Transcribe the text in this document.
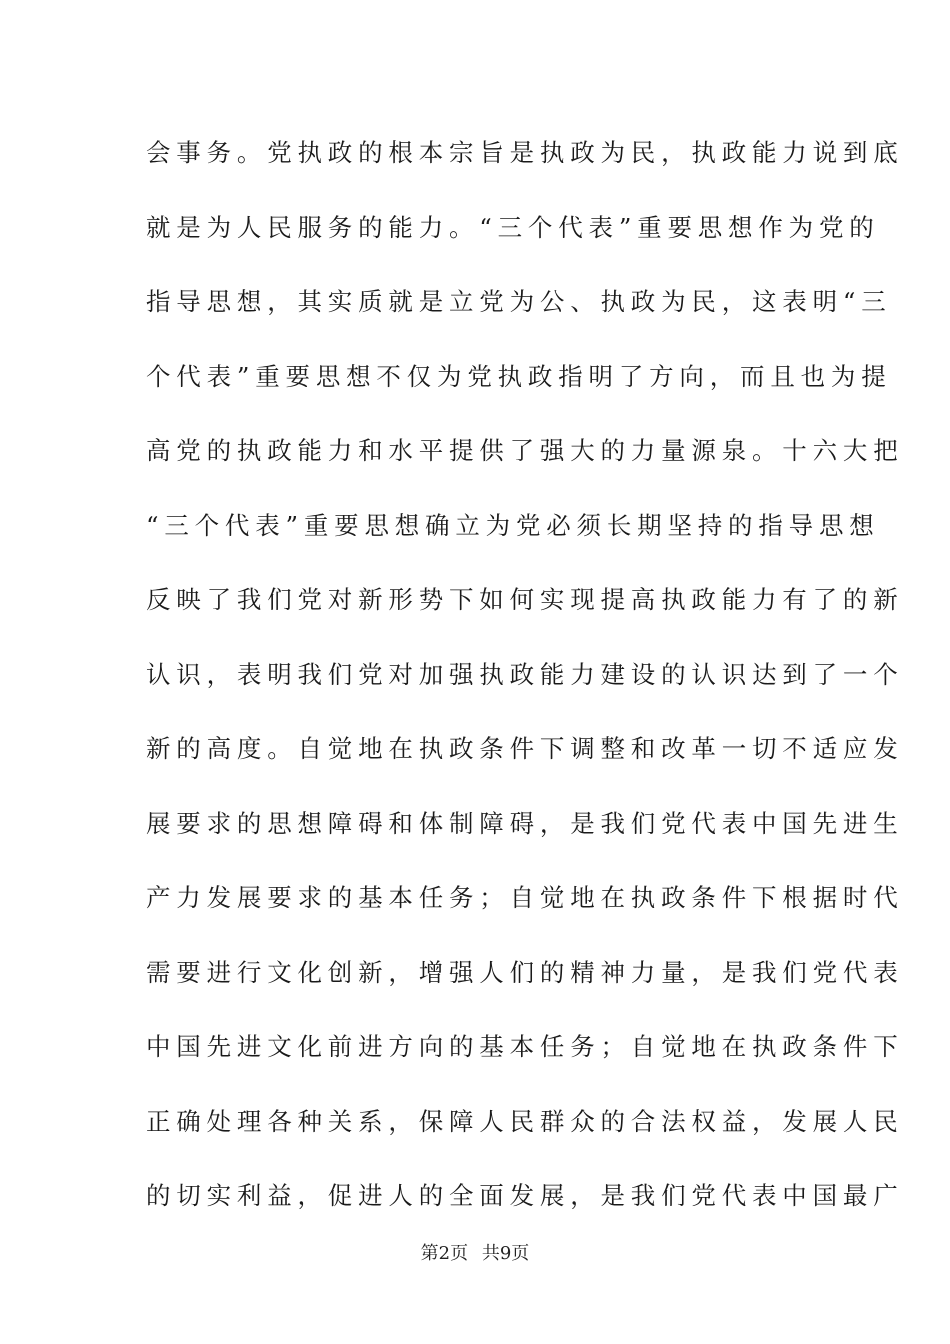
会事务。党执政的根本宗旨是执政为民，执政能力说到底
就是为人民服务的能力。“三个代表”重要思想作为党的
指导思想，其实质就是立党为公、执政为民，这表明“三
个代表”重要思想不仅为党执政指明了方向，而且也为提
高党的执政能力和水平提供了强大的力量源泉。十六大把
“三个代表”重要思想确立为党必须长期坚持的指导思想
反映了我们党对新形势下如何实现提高执政能力有了的新
认识，表明我们党对加强执政能力建设的认识达到了一个
新的高度。自觉地在执政条件下调整和改革一切不适应发
展要求的思想障碍和体制障碍，是我们党代表中国先进生
产力发展要求的基本任务；自觉地在执政条件下根据时代
需要进行文化创新，增强人们的精神力量，是我们党代表
中国先进文化前进方向的基本任务；自觉地在执政条件下
正确处理各种关系，保障人民群众的合法权益，发展人民
的切实利益，促进人的全面发展，是我们党代表中国最广
第2页 共9页
